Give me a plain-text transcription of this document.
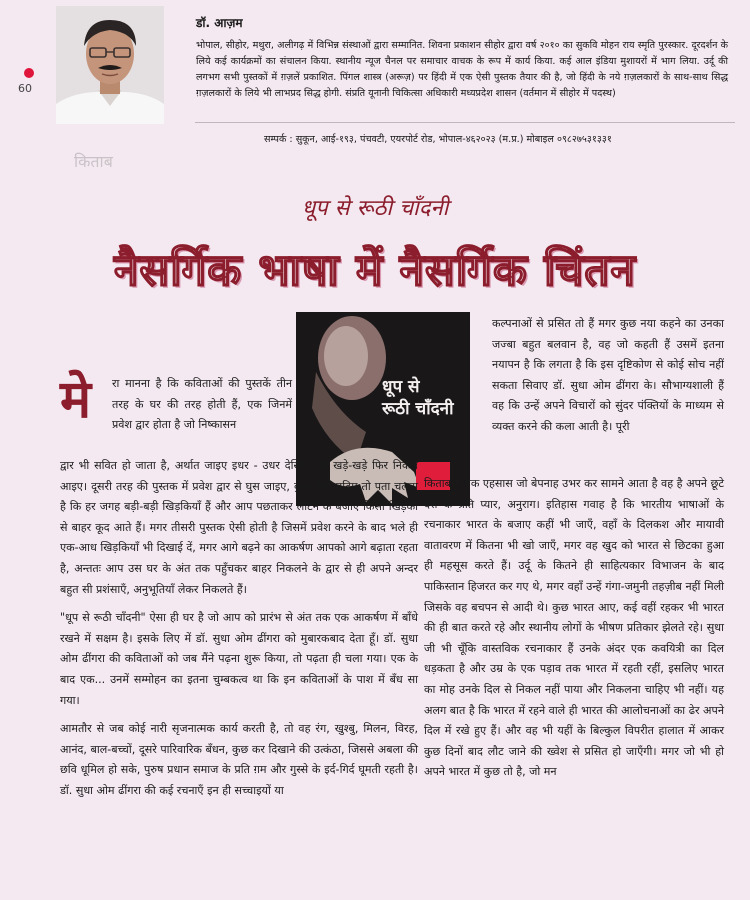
60
किताब
डॉ. आज़म
भोपाल, सीहोर, मथुरा, अलीगढ़ में विभिन्न संस्थाओं द्वारा सम्मानित. शिवना प्रकाशन सीहोर द्वारा वर्ष २०१० का सुकवि मोहन राय स्मृति पुरस्कार. दूरदर्शन के लिये कई कार्यक्रमों का संचालन किया. स्थानीय न्यूज चैनल पर समाचार वाचक के रूप में कार्य किया. कई आल इंडिया मुशायरों में भाग लिया. उर्दू की लगभग सभी पुस्तकों में ग़ज़लें प्रकाशित. पिंगल शास्त्र (अरूज़) पर हिंदी में एक ऐसी पुस्तक तैयार की है, जो हिंदी के नये ग़ज़लकारों के साथ-साथ सिद्ध ग़ज़लकारों के लिये भी लाभप्रद सिद्ध होगी. संप्रति यूनानी चिकित्सा अधिकारी मध्यप्रदेश शासन (वर्तमान में सीहोर में पदस्थ)
सम्पर्क : सुकून, आई-१९३, पंचवटी, एयरपोर्ट रोड, भोपाल-४६२०२३ (म.प्र.) मोबाइल ०९८२७५३१३३१
धूप से रूठी चाँदनी
नैसर्गिक भाषा में नैसर्गिक चिंतन
धूप से
रूठी चाँदनी
मे रा मानना है कि कविताओं की पुस्तकें तीन तरह के घर की तरह होती हैं, एक जिनमें प्रवेश द्वार होता है जो निष्कासन

द्वार भी सवित हो जाता है, अर्थात जाइए इधर - उधर देखिए वहीं खड़े-खड़े फिर निकल आइए। दूसरी तरह की पुस्तक में प्रवेश द्वार से घुस जाइए, कुछ आगे बढ़िए तो पता चलता है कि हर जगह बड़ी-बड़ी खिड़कियाँ हैं और आप पछताकर लौटने के बजाए किसी खिड़की से बाहर कूद आते हैं। मगर तीसरी पुस्तक ऐसी होती है जिसमें प्रवेश करने के बाद भले ही एक-आध खिड़कियाँ भी दिखाई दें, मगर आगे बढ़ने का आकर्षण आपको आगे बढ़ाता रहता है, अन्ततः आप उस घर के अंत तक पहुँचकर बाहर निकलने के द्वार से ही अपने अन्दर बहुत सी प्रशंसाएँ, अनुभूतियाँ लेकर निकलते हैं।

"धूप से रूठी चाँदनी" ऐसा ही घर है जो आप को प्रारंभ से अंत तक एक आकर्षण में बाँधे रखने में सक्षम है। इसके लिए में डॉ. सुधा ओम ढींगरा को मुबारकबाद देता हूँ। डॉ. सुधा ओम ढींगरा की कविताओं को जब मैंने पढ़ना शुरू किया, तो पढ़ता ही चला गया। एक के बाद एक... उनमें सम्मोहन का इतना चुम्बकत्व था कि इन कविताओं के पाश में बँध सा गया।

आमतौर से जब कोई नारी सृजनात्मक कार्य करती है, तो वह रंग, खुश्बु, मिलन, विरह, आनंद, बाल-बच्चों, दूसरे पारिवारिक बँधन, कुछ कर दिखाने की उत्कंठा, जिससे अबला की छवि धूमिल हो सके, पुरुष प्रधान समाज के प्रति ग़म और गुस्से के इर्द-गिर्द घूमती रहती है। डॉ. सुधा ओम ढींगरा की कई रचनाएँ इन ही सच्चाइयों या

कल्पनाओं से प्रसित तो हैं मगर कुछ नया कहने का उनका जज्बा बहुत बलवान है, वह जो कहती हैं उसमें इतना नयापन है कि लगता है कि इस दृष्टिकोण से कोई सोच नहीं सकता सिवाए डॉ. सुधा ओम ढींगरा के। सौभाग्यशाली हैं वह कि उन्हें अपने विचारों को सुंदर पंक्तियों के माध्यम से व्यक्त करने की कला आती है। पूरी
किताब में एक एहसास जो बेपनाह उभर कर सामने आता है वह है अपने छूटे देश के प्रति प्यार, अनुराग। इतिहास गवाह है कि भारतीय भाषाओं के रचनाकार भारत के बजाए कहीं भी जाएँ, वहाँ के दिलकश और मायावी वातावरण में कितना भी खो जाएँ, मगर वह खुद को भारत से छिटका हुआ ही महसूस करते हैं। उर्दू के कितने ही साहित्यकार विभाजन के बाद पाकिस्तान हिजरत कर गए थे, मगर वहाँ उन्हें गंगा-जमुनी तहज़ीब नहीं मिली जिसके वह बचपन से आदी थे। कुछ भारत आए, कई वहीं रहकर भी भारत की ही बात करते रहे और स्थानीय लोगों के भीषण प्रतिकार झेलते रहे। सुधा जी भी चूँकि वास्तविक रचनाकार हैं उनके अंदर एक कवयित्री का दिल धड़कता है और उम्र के एक पड़ाव तक भारत में रहती रहीं, इसलिए भारत का मोह उनके दिल से निकल नहीं पाया और निकलना चाहिए भी नहीं। यह अलग बात है कि भारत में रहने वाले ही भारत की आलोचनाओं का ढेर अपने दिल में रखे हुए हैं। और वह भी यहीं के बिल्कुल विपरीत हालात में आकर कुछ दिनों बाद लौट जाने की ख्वेश से प्रसित हो जाएँगी। मगर जो भी हो अपने भारत में कुछ तो है, जो मन
